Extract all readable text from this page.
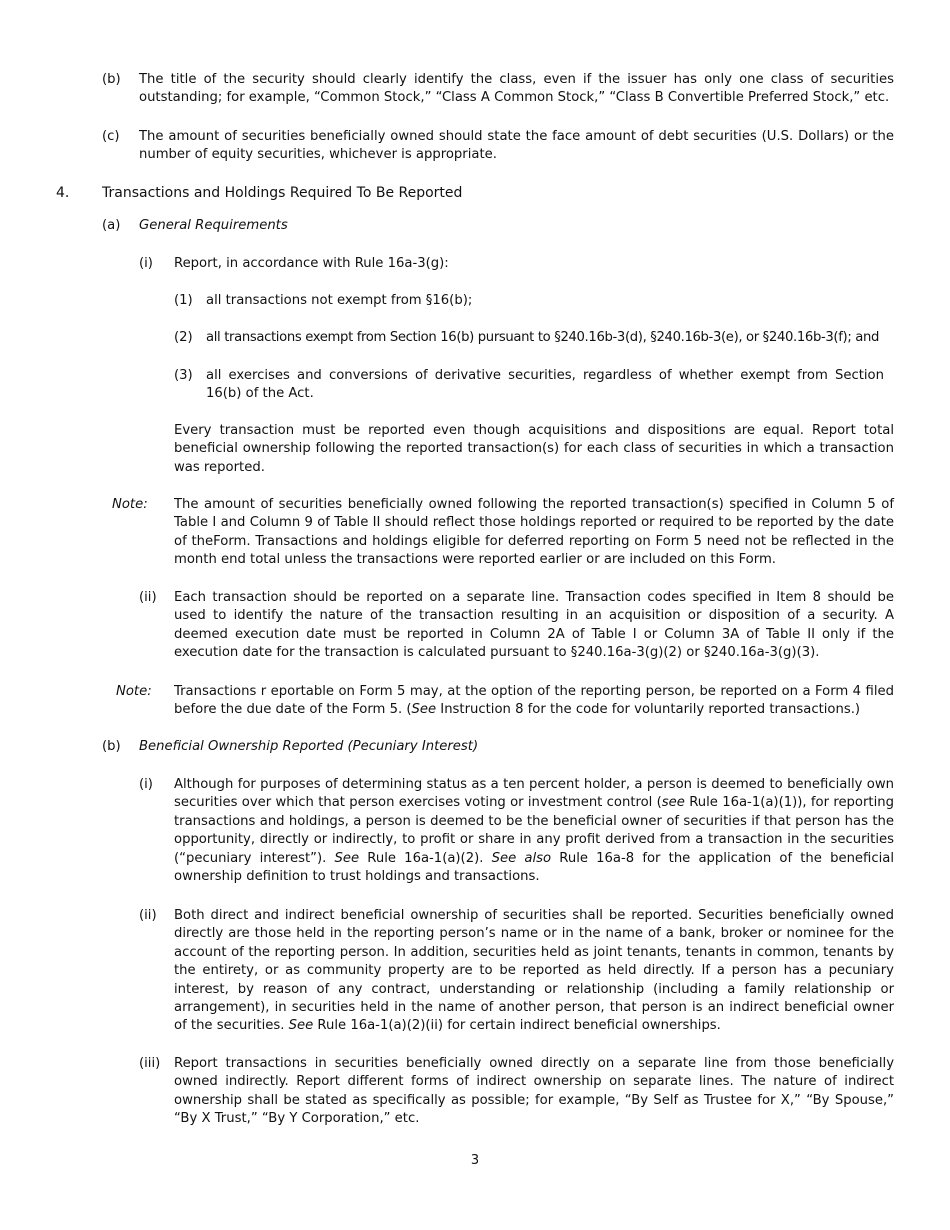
(b) The title of the security should clearly identify the class, even if the issuer has only one class of securities outstanding; for example, “Common Stock,” “Class A Common Stock,” “Class B Convertible Preferred Stock,” etc.
(c) The amount of securities beneficially owned should state the face amount of debt securities (U.S. Dollars) or the number of equity securities, whichever is appropriate.
4. Transactions and Holdings Required To Be Reported
(a) General Requirements
(i) Report, in accordance with Rule 16a-3(g):
(1) all transactions not exempt from §16(b);
(2) all transactions exempt from Section 16(b) pursuant to §240.16b-3(d), §240.16b-3(e), or §240.16b-3(f); and
(3) all exercises and conversions of derivative securities, regardless of whether exempt from Section 16(b) of the Act.
Every transaction must be reported even though acquisitions and dispositions are equal. Report total beneficial ownership following the reported transaction(s) for each class of securities in which a transaction was reported.
Note: The amount of securities beneficially owned following the reported transaction(s) specified in Column 5 of Table I and Column 9 of Table II should reflect those holdings reported or required to be reported by the date of theForm. Transactions and holdings eligible for deferred reporting on Form 5 need not be reflected in the month end total unless the transactions were reported earlier or are included on this Form.
(ii) Each transaction should be reported on a separate line. Transaction codes specified in Item 8 should be used to identify the nature of the transaction resulting in an acquisition or disposition of a security. A deemed execution date must be reported in Column 2A of Table I or Column 3A of Table II only if the execution date for the transaction is calculated pursuant to §240.16a-3(g)(2) or §240.16a-3(g)(3).
Note: Transactions r eportable on Form 5 may, at the option of the reporting person, be reported on a Form 4 filed before the due date of the Form 5. (See Instruction 8 for the code for voluntarily reported transactions.)
(b) Beneficial Ownership Reported (Pecuniary Interest)
(i) Although for purposes of determining status as a ten percent holder, a person is deemed to beneficially own securities over which that person exercises voting or investment control (see Rule 16a-1(a)(1)), for reporting transactions and holdings, a person is deemed to be the beneficial owner of securities if that person has the opportunity, directly or indirectly, to profit or share in any profit derived from a transaction in the securities (“pecuniary interest”). See Rule 16a-1(a)(2). See also Rule 16a-8 for the application of the beneficial ownership definition to trust holdings and transactions.
(ii) Both direct and indirect beneficial ownership of securities shall be reported. Securities beneficially owned directly are those held in the reporting person’s name or in the name of a bank, broker or nominee for the account of the reporting person. In addition, securities held as joint tenants, tenants in common, tenants by the entirety, or as community property are to be reported as held directly. If a person has a pecuniary interest, by reason of any contract, understanding or relationship (including a family relationship or arrangement), in securities held in the name of another person, that person is an indirect beneficial owner of the securities. See Rule 16a-1(a)(2)(ii) for certain indirect beneficial ownerships.
(iii) Report transactions in securities beneficially owned directly on a separate line from those beneficially owned indirectly. Report different forms of indirect ownership on separate lines. The nature of indirect ownership shall be stated as specifically as possible; for example, “By Self as Trustee for X,” “By Spouse,” “By X Trust,” “By Y Corporation,” etc.
3
